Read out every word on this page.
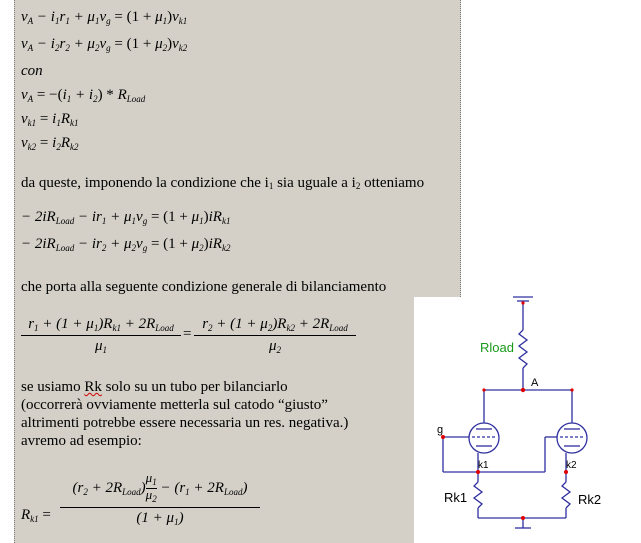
$v_A - i_1r_1 + \mu_1v_g = (1 + \mu_1)v_{k1}$
$v_A - i_2r_2 + \mu_2v_g = (1 + \mu_2)v_{k2}$
con
$v_A = -(i_1 + i_2) * R_{Load}$
$v_{k1} = i_1R_{k1}$
$v_{k2} = i_2R_{k2}$
da queste, imponendo la condizione che $i_1$ sia uguale a $i_2$ otteniamo
− $2iR_{Load} - ir_1 + \mu_1v_g = (1 + \mu_1)iR_{k1}$
− $2iR_{Load} - ir_2 + \mu_2v_g = (1 + \mu_2)iR_{k2}$
che porta alla seguente condizione generale di bilanciamento
$r_1 + (1 + \mu_1)R_{k1} + 2R_{Load}$
$\mu_1$
=
$r_2 + (1 + \mu_2)R_{k2} + 2R_{Load}$
$\mu_2$
se usiamo Rk solo su un tubo per bilanciarlo
(occorrerà ovviamente metterla sul catodo “giusto”
altrimenti potrebbe essere necessaria un res. negativa.)
avremo ad esempio:
$R_{k1}$ =
$(r_2 + 2R_{Load}) \frac{\mu_1}{\mu_2} - (r_1 + 2R_{Load})$
$(1 + \mu_1)$
Rload
A
g
k1	k2
Rk1	Rk2
